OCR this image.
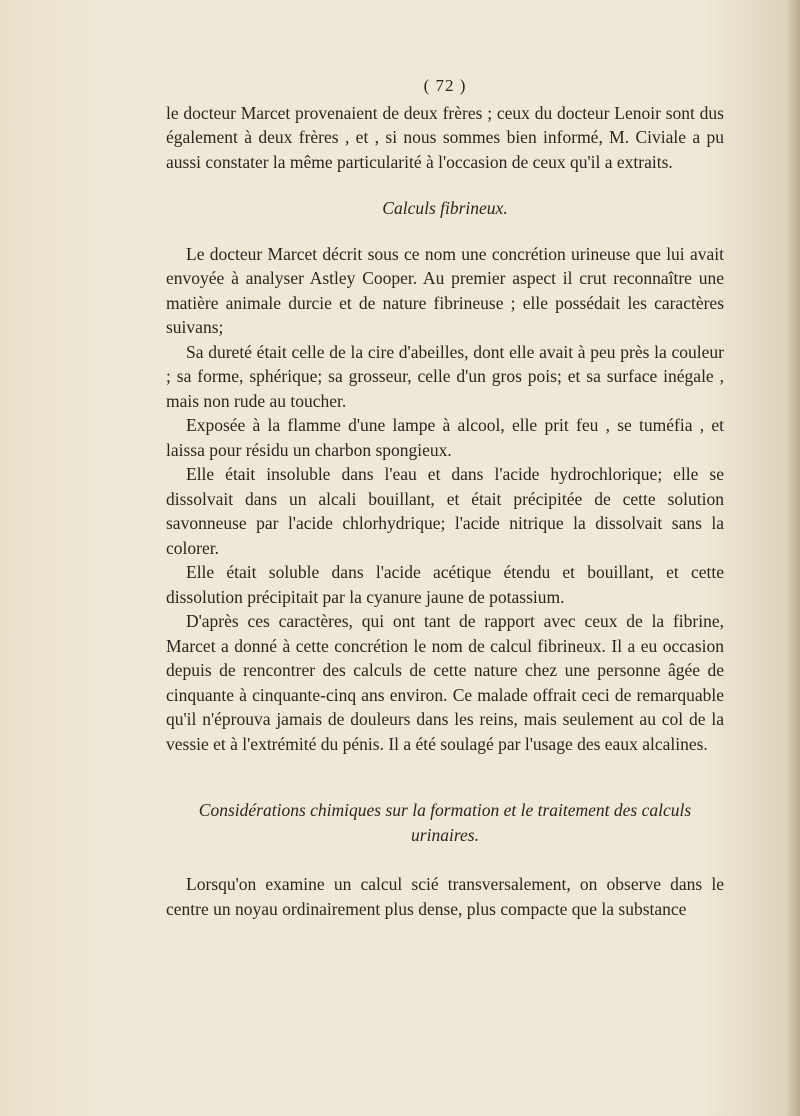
( 72 )

le docteur Marcet provenaient de deux frères ; ceux du docteur Lenoir sont dus également à deux frères , et , si nous sommes bien informé, M. Civiale a pu aussi constater la même particularité à l'occasion de ceux qu'il a extraits.

Calculs fibrineux.

Le docteur Marcet décrit sous ce nom une concrétion urineuse que lui avait envoyée à analyser Astley Cooper. Au premier aspect il crut reconnaître une matière animale durcie et de nature fibrineuse ; elle possédait les caractères suivans;

Sa dureté était celle de la cire d'abeilles, dont elle avait à peu près la couleur ; sa forme, sphérique; sa grosseur, celle d'un gros pois; et sa surface inégale , mais non rude au toucher.

Exposée à la flamme d'une lampe à alcool, elle prit feu , se tuméfia , et laissa pour résidu un charbon spongieux.

Elle était insoluble dans l'eau et dans l'acide hydrochlorique; elle se dissolvait dans un alcali bouillant, et était précipitée de cette solution savonneuse par l'acide chlorhydrique; l'acide nitrique la dissolvait sans la colorer.

Elle était soluble dans l'acide acétique étendu et bouillant, et cette dissolution précipitait par la cyanure jaune de potassium.

D'après ces caractères, qui ont tant de rapport avec ceux de la fibrine, Marcet a donné à cette concrétion le nom de calcul fibrineux. Il a eu occasion depuis de rencontrer des calculs de cette nature chez une personne âgée de cinquante à cinquante-cinq ans environ. Ce malade offrait ceci de remarquable qu'il n'éprouva jamais de douleurs dans les reins, mais seulement au col de la vessie et à l'extrémité du pénis. Il a été soulagé par l'usage des eaux alcalines.

Considérations chimiques sur la formation et le traitement des calculs urinaires.

Lorsqu'on examine un calcul scié transversalement, on observe dans le centre un noyau ordinairement plus dense, plus compacte que la substance
